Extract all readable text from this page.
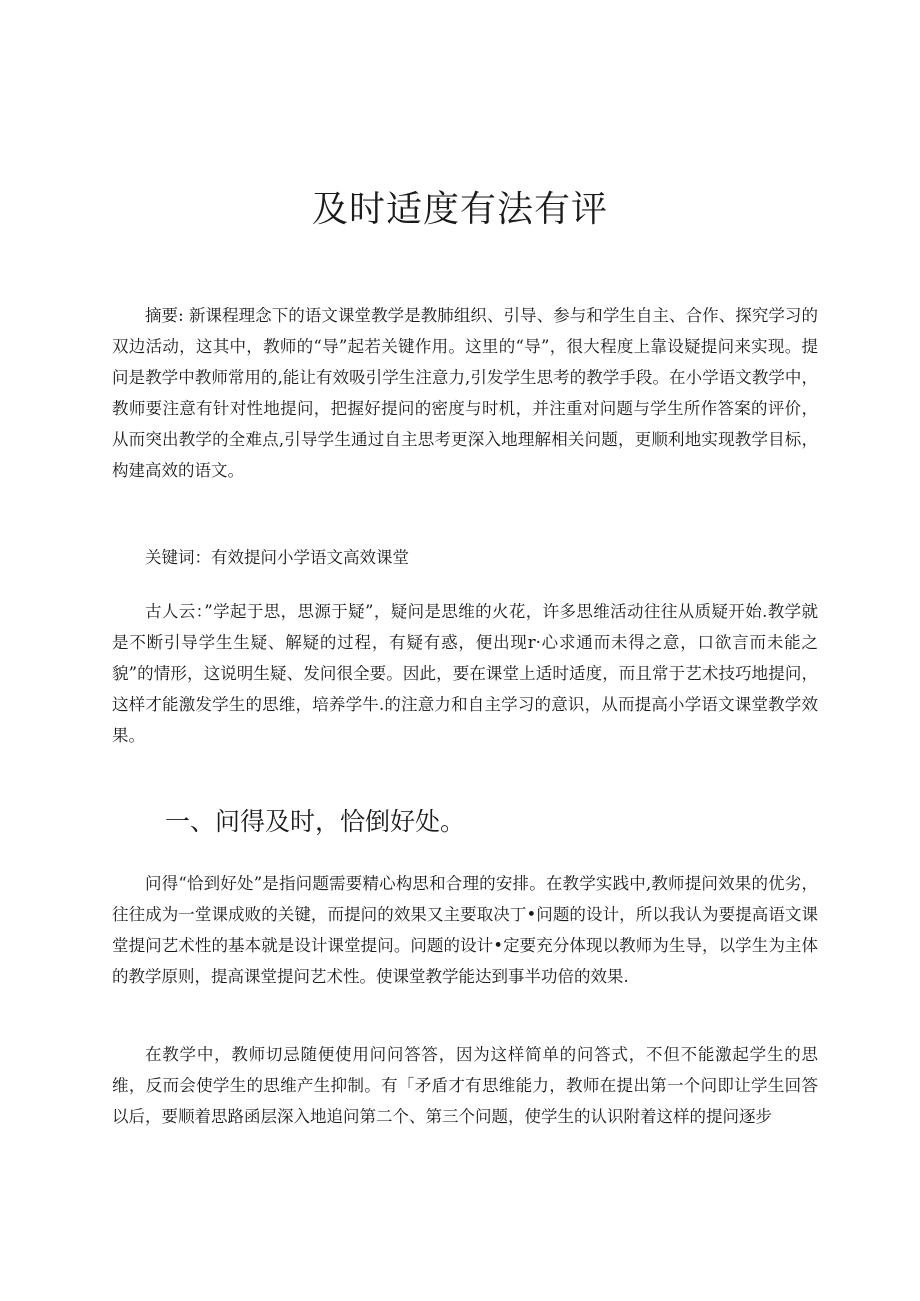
及时适度有法有评

摘要: 新课程理念下的语文课堂教学是教肺组织、引导、参与和学生自主、合作、探究学习的双边活动，这其中，教师的“导”起若关键作用。这里的“导”，很大程度上靠设疑提问来实现。提问是教学中教师常用的,能让有效吸引学生注意力,引发学生思考的教学手段。在小学语文教学中，教师要注意有针对性地提问，把握好提问的密度与时机，并注重对问题与学生所作答案的评价，从而突出教学的全难点,引导学生通过自主思考更深入地理解相关问题，更顺利地实现教学目标，构建高效的语文。

关键词：有效提问小学语文高效课堂

古人云：”学起于思，思源于疑”，疑问是思维的火花，许多思维活动往往从质疑开始.教学就是不断引导学生生疑、解疑的过程，有疑有惑，便出现r·心求通而未得之意，口欲言而未能之貌”的情形，这说明生疑、发问很全要。因此，要在课堂上适时适度，而且常于艺术技巧地提问，这样才能激发学生的思维，培养学牛.的注意力和自主学习的意识，从而提高小学语文课堂教学效果。

一、问得及时，恰倒好处。

问得“恰到好处”是指问题需要精心构思和合理的安排。在教学实践中,教师提问效果的优劣，往往成为一堂课成败的关键，而提问的效果又主要取决丁•问题的设计，所以我认为要提高语文课堂提问艺术性的基本就是设计课堂提问。问题的设计•定要充分体现以教师为生导，以学生为主体的教学原则，提高课堂提问艺术性。使课堂教学能达到事半功倍的效果.

在教学中，教师切忌随便使用问问答答，因为这样简单的问答式，不但不能激起学生的思维，反而会使学生的思维产生抑制。有「矛盾才有思维能力，教师在提出第一个问即让学生回答以后，要顺着思路函层深入地追问第二个、第三个问题，使学生的认识附着这样的提问逐步
